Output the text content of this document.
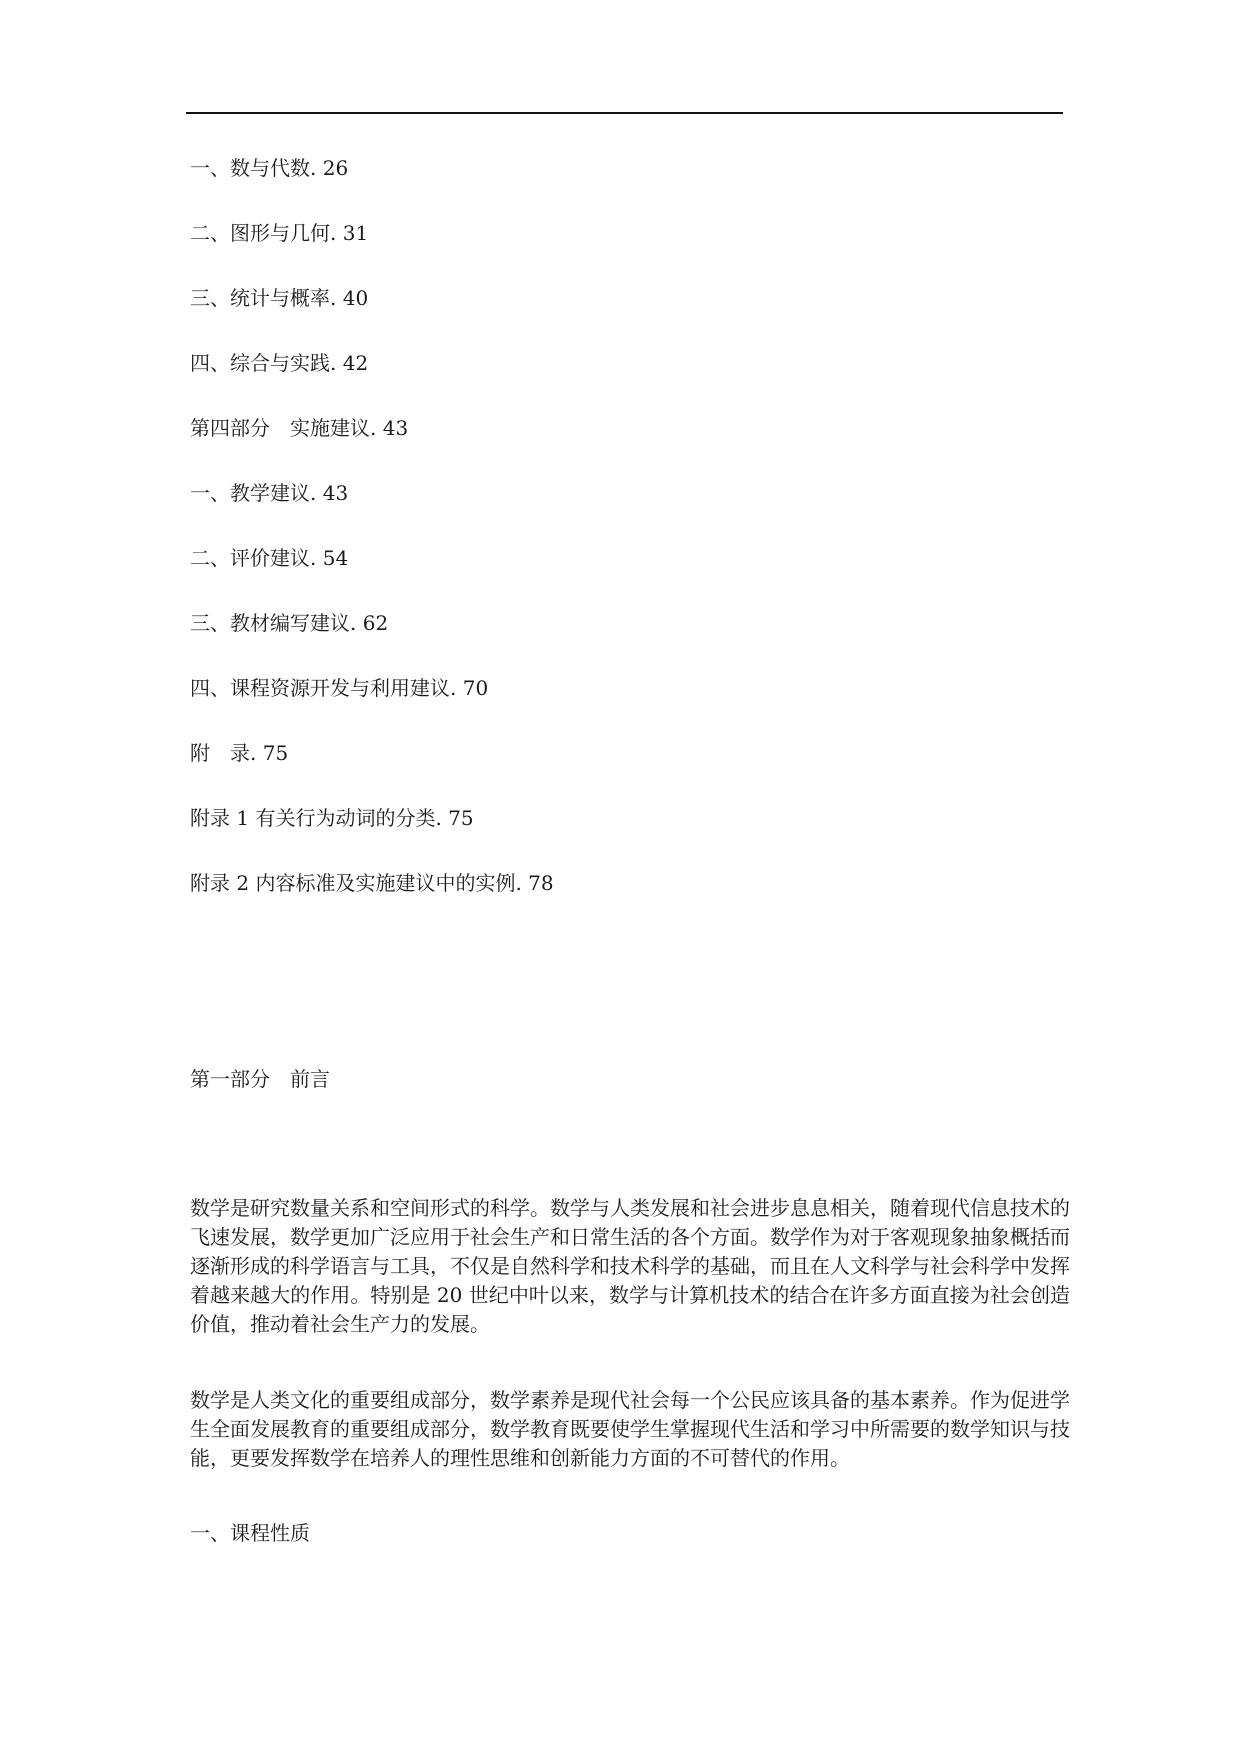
一、数与代数. 26
二、图形与几何. 31
三、统计与概率. 40
四、综合与实践. 42
第四部分　实施建议. 43
一、教学建议. 43
二、评价建议. 54
三、教材编写建议. 62
四、课程资源开发与利用建议. 70
附　录. 75
附录 1 有关行为动词的分类. 75
附录 2 内容标准及实施建议中的实例. 78
第一部分　前言
数学是研究数量关系和空间形式的科学。数学与人类发展和社会进步息息相关，随着现代信息技术的飞速发展，数学更加广泛应用于社会生产和日常生活的各个方面。数学作为对于客观现象抽象概括而逐渐形成的科学语言与工具，不仅是自然科学和技术科学的基础，而且在人文科学与社会科学中发挥着越来越大的作用。特别是 20 世纪中叶以来，数学与计算机技术的结合在许多方面直接为社会创造价值，推动着社会生产力的发展。
数学是人类文化的重要组成部分，数学素养是现代社会每一个公民应该具备的基本素养。作为促进学生全面发展教育的重要组成部分，数学教育既要使学生掌握现代生活和学习中所需要的数学知识与技能，更要发挥数学在培养人的理性思维和创新能力方面的不可替代的作用。
一、课程性质
